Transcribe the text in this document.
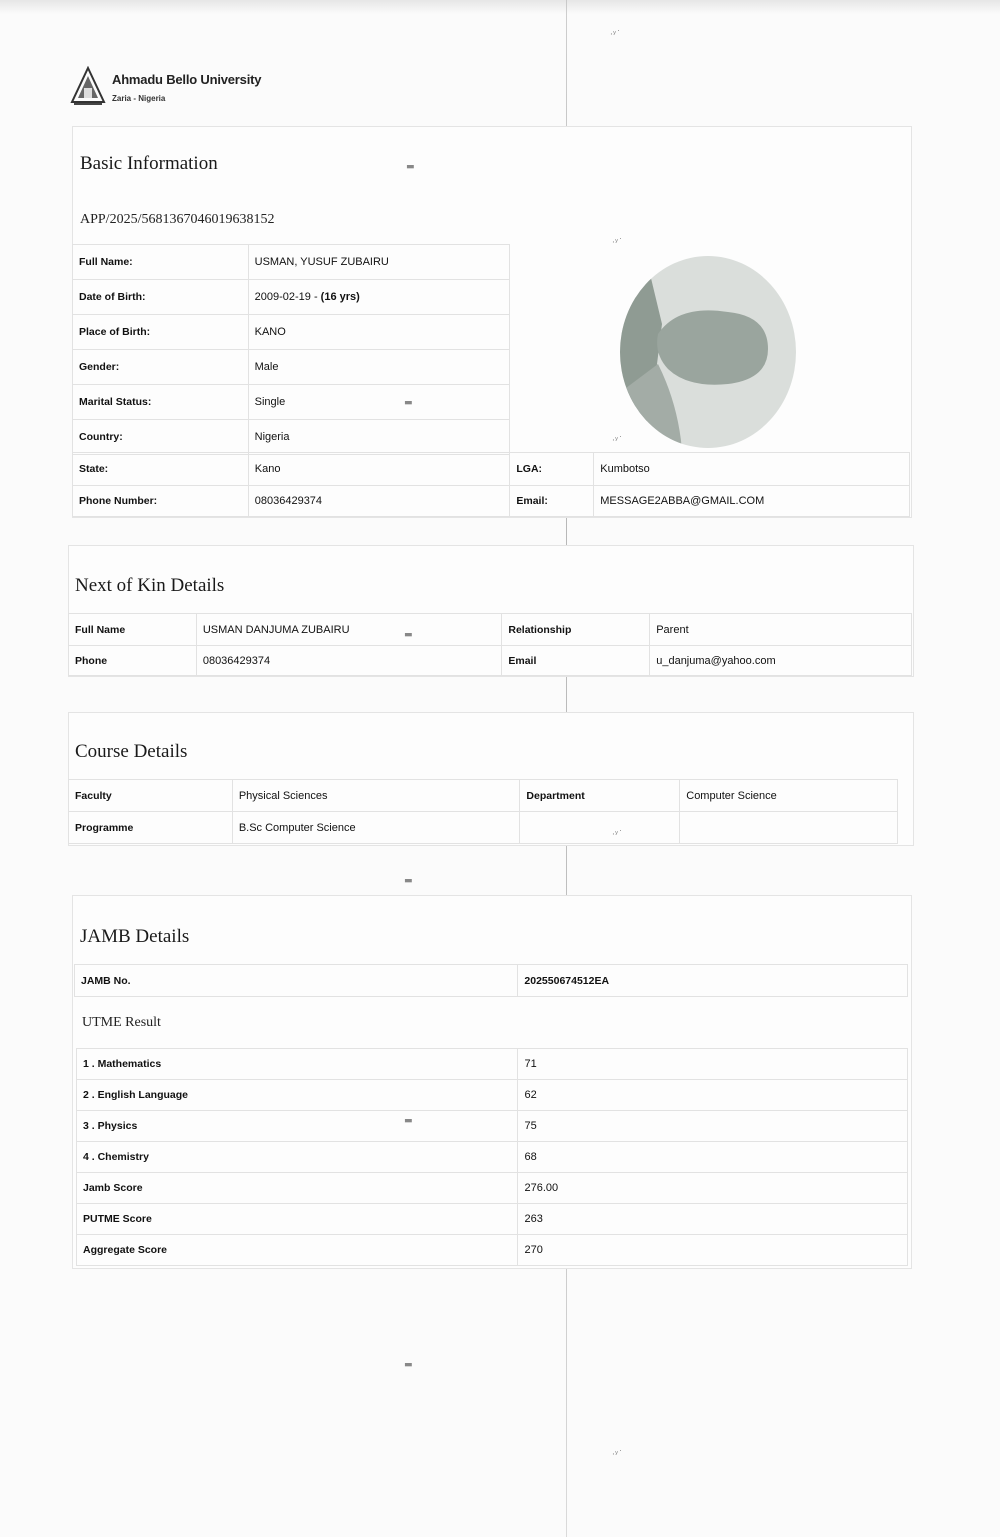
Ahmadu Bello University
Zaria - Nigeria
Basic Information
APP/2025/568136704601963815​2
Full Name:	USMAN, YUSUF ZUBAIRU
Date of Birth:	2009-02-19 - (16 yrs)
Place of Birth:	KANO
Gender:	Male
Marital Status:	Single
Country:	Nigeria
State:	Kano	LGA:	Kumbotso
Phone Number:	08036429374	Email:	MESSAGE2ABBA@GMAIL.COM
Next of Kin Details
Full Name	USMAN DANJUMA ZUBAIRU	Relationship	Parent
Phone	08036429374	Email	u_danjuma@yahoo.com
Course Details
Faculty	Physical Sciences	Department	Computer Science
Programme	B.Sc Computer Science		
JAMB Details
JAMB No.	202550674512EA
UTME Result
1 . Mathematics	71
2 . English Language	62
3 . Physics	75
4 . Chemistry	68
Jamb Score	276.00
PUTME Score	263
Aggregate Score	270
·ʸ˙
▬
·ʸ˙
▬
·ʸ˙
▬
·ʸ˙
▬
▬
▬
·ʸ˙
